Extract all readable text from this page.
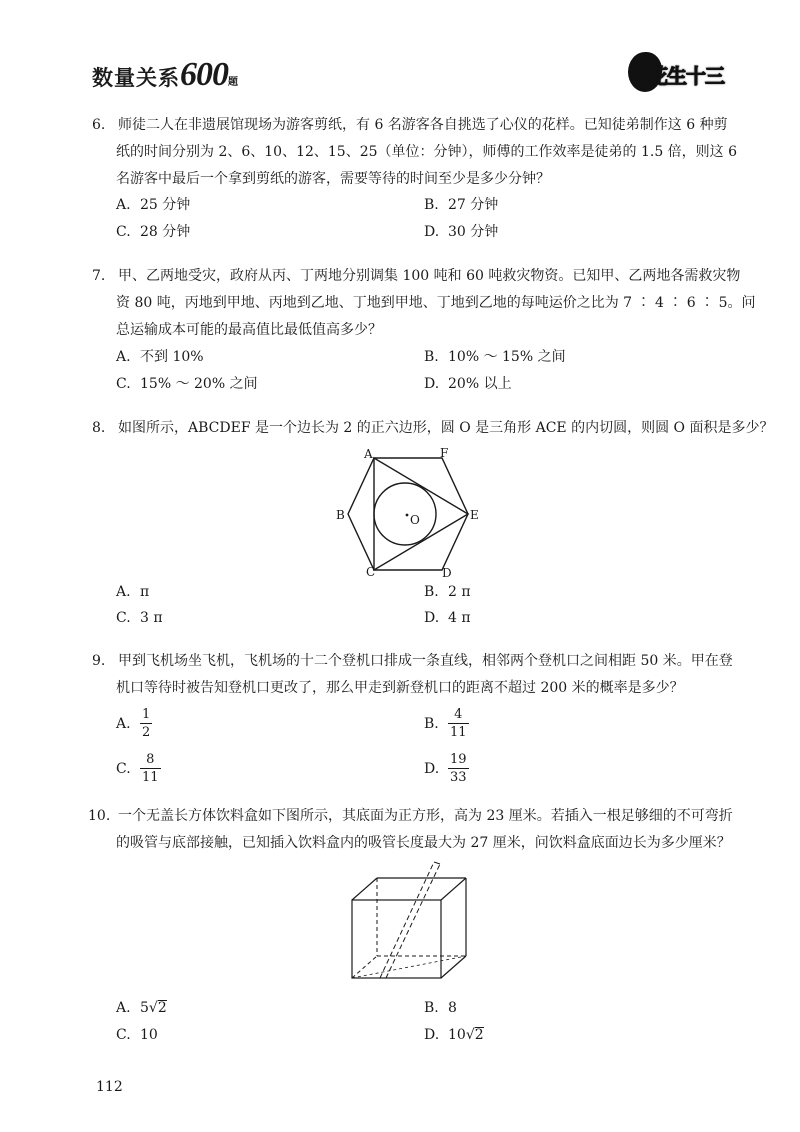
数量关系600题	花生十三
6. 师徒二人在非遗展馆现场为游客剪纸，有 6 名游客各自挑选了心仪的花样。已知徒弟制作这 6 种剪
纸的时间分别为 2、6、10、12、15、25（单位：分钟），师傅的工作效率是徒弟的 1.5 倍，则这 6
名游客中最后一个拿到剪纸的游客，需要等待的时间至少是多少分钟？
A. 25 分钟	B. 27 分钟
C. 28 分钟	D. 30 分钟
7. 甲、乙两地受灾，政府从丙、丁两地分别调集 100 吨和 60 吨救灾物资。已知甲、乙两地各需救灾物
资 80 吨，丙地到甲地、丙地到乙地、丁地到甲地、丁地到乙地的每吨运价之比为 7 ∶ 4 ∶ 6 ∶ 5。问
总运输成本可能的最高值比最低值高多少？
A. 不到 10%	B. 10% ～ 15% 之间
C. 15% ～ 20% 之间	D. 20% 以上
8. 如图所示，ABCDEF 是一个边长为 2 的正六边形，圆 O 是三角形 ACE 的内切圆，则圆 O 面积是多少？
A	F
B	E
C	D
O
A. π	B. 2 π
C. 3 π	D. 4 π
9. 甲到飞机场坐飞机，飞机场的十二个登机口排成一条直线，相邻两个登机口之间相距 50 米。甲在登
机口等待时被告知登机口更改了，那么甲走到新登机口的距离不超过 200 米的概率是多少？
A. $\frac{1}{2}$	B. $\frac{4}{11}$
C. $\frac{8}{11}$	D. $\frac{19}{33}$
10. 一个无盖长方体饮料盒如下图所示，其底面为正方形，高为 23 厘米。若插入一根足够细的不可弯折
的吸管与底部接触，已知插入饮料盒内的吸管长度最大为 27 厘米，问饮料盒底面边长为多少厘米？
A. 5√2	B. 8
C. 10	D. 10√2
112
